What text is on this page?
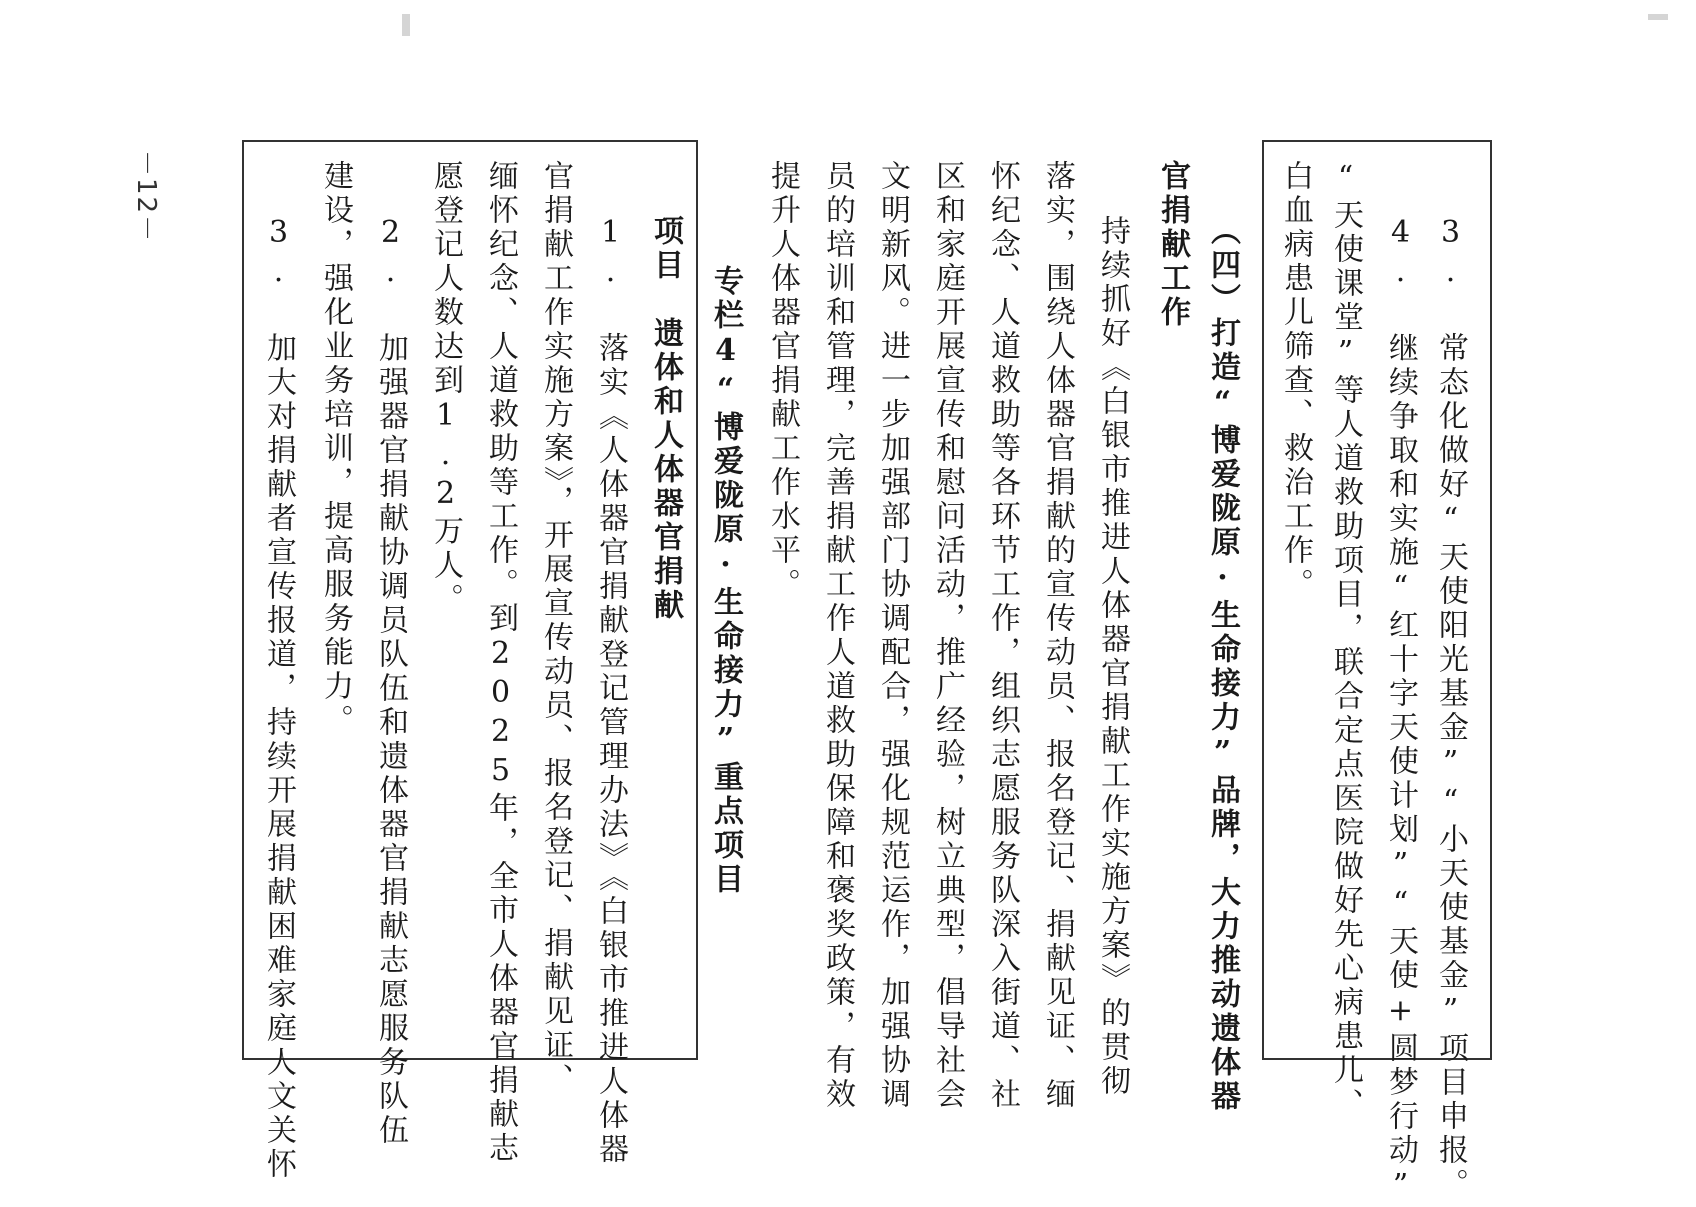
3. 常态化做好“天使阳光基金”“小天使基金”项目申报。
4. 继续争取和实施“红十字天使计划”“天使+圆梦行动”
“天使课堂”等人道救助项目，联合定点医院做好先心病患儿、
白血病患儿筛查、救治工作。
（四）打造“博爱陇原·生命接力”品牌，大力推动遗体器
官捐献工作
持续抓好《白银市推进人体器官捐献工作实施方案》的贯彻
落实，围绕人体器官捐献的宣传动员、报名登记、捐献见证、缅
怀纪念、人道救助等各环节工作，组织志愿服务队深入街道、社
区和家庭开展宣传和慰问活动，推广经验，树立典型，倡导社会
文明新风。进一步加强部门协调配合，强化规范运作，加强协调
员的培训和管理，完善捐献工作人道救助保障和褒奖政策，有效
提升人体器官捐献工作水平。
专栏4“博爱陇原·生命接力”重点项目
项目　遗体和人体器官捐献
1. 落实《人体器官捐献登记管理办法》《白银市推进人体器
官捐献工作实施方案》，开展宣传动员、报名登记、捐献见证、
缅怀纪念、人道救助等工作。到2025年，全市人体器官捐献志
愿登记人数达到1.2万人。
2. 加强器官捐献协调员队伍和遗体器官捐献志愿服务队伍
建设，强化业务培训，提高服务能力。
3. 加大对捐献者宣传报道，持续开展捐献困难家庭人文关怀
－12－
